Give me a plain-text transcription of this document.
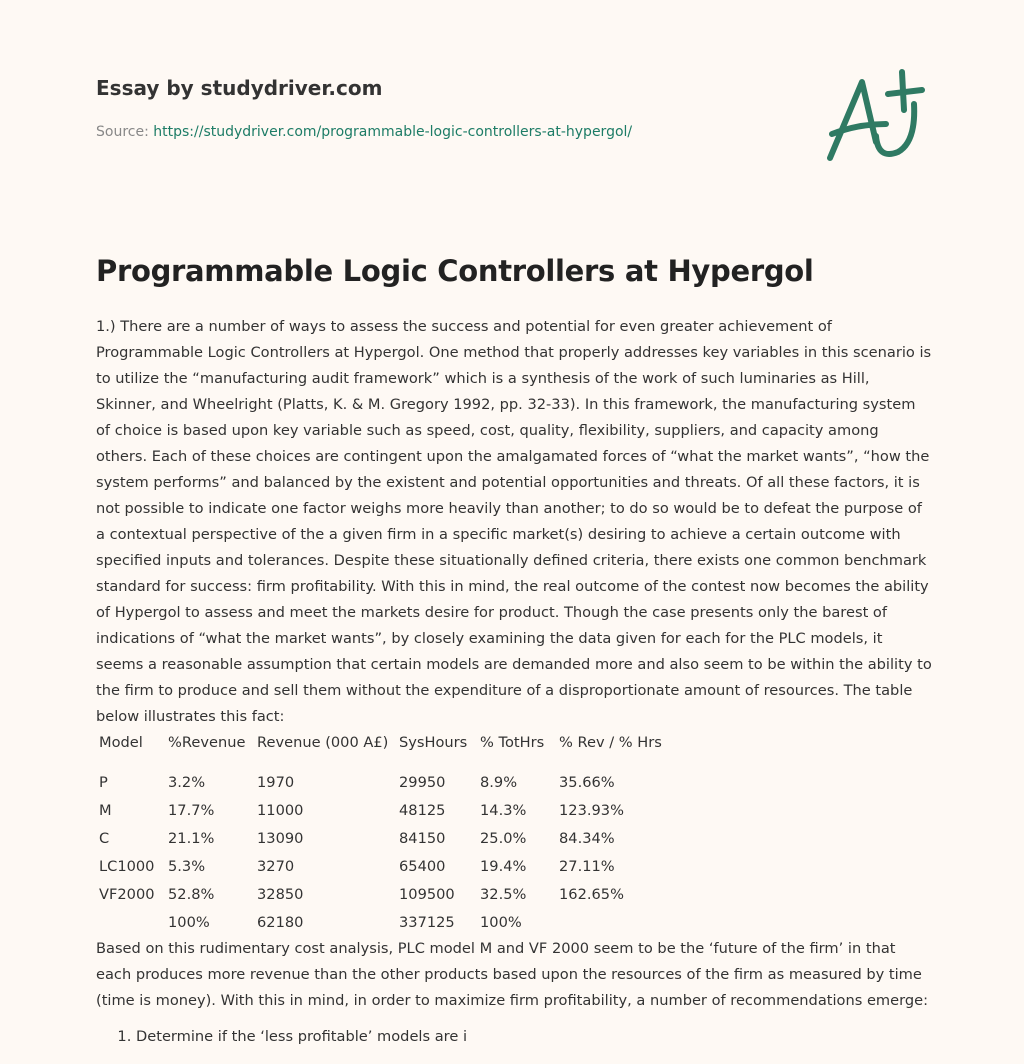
Essay by studydriver.com
Source: https://studydriver.com/programmable-logic-controllers-at-hypergol/
Programmable Logic Controllers at Hypergol

1.) There are a number of ways to assess the success and potential for even greater achievement of Programmable Logic Controllers at Hypergol. One method that properly addresses key variables in this scenario is to utilize the “manufacturing audit framework” which is a synthesis of the work of such luminaries as Hill, Skinner, and Wheelright (Platts, K. & M. Gregory 1992, pp. 32-33). In this framework, the manufacturing system of choice is based upon key variable such as speed, cost, quality, flexibility, suppliers, and capacity among others. Each of these choices are contingent upon the amalgamated forces of “what the market wants”, “how the system performs” and balanced by the existent and potential opportunities and threats. Of all these factors, it is not possible to indicate one factor weighs more heavily than another; to do so would be to defeat the purpose of a contextual perspective of the a given firm in a specific market(s) desiring to achieve a certain outcome with specified inputs and tolerances. Despite these situationally defined criteria, there exists one common benchmark standard for success: firm profitability. With this in mind, the real outcome of the contest now becomes the ability of Hypergol to assess and meet the markets desire for product. Though the case presents only the barest of indications of “what the market wants”, by closely examining the data given for each for the PLC models, it seems a reasonable assumption that certain models are demanded more and also seem to be within the ability to the firm to produce and sell them without the expenditure of a disproportionate amount of resources. The table below illustrates this fact:

Model	%Revenue	Revenue (000 A£)	SysHours	% TotHrs	% Rev / % Hrs
P	3.2%	1970	29950	8.9%	35.66%
M	17.7%	11000	48125	14.3%	123.93%
C	21.1%	13090	84150	25.0%	84.34%
LC1000	5.3%	3270	65400	19.4%	27.11%
VF2000	52.8%	32850	109500	32.5%	162.65%
	100%	62180	337125	100%	

Based on this rudimentary cost analysis, PLC model M and VF 2000 seem to be the ‘future of the firm’ in that each produces more revenue than the other products based upon the resources of the firm as measured by time (time is money). With this in mind, in order to maximize firm profitability, a number of recommendations emerge:

1. Determine if the ‘less profitable’ models are i
